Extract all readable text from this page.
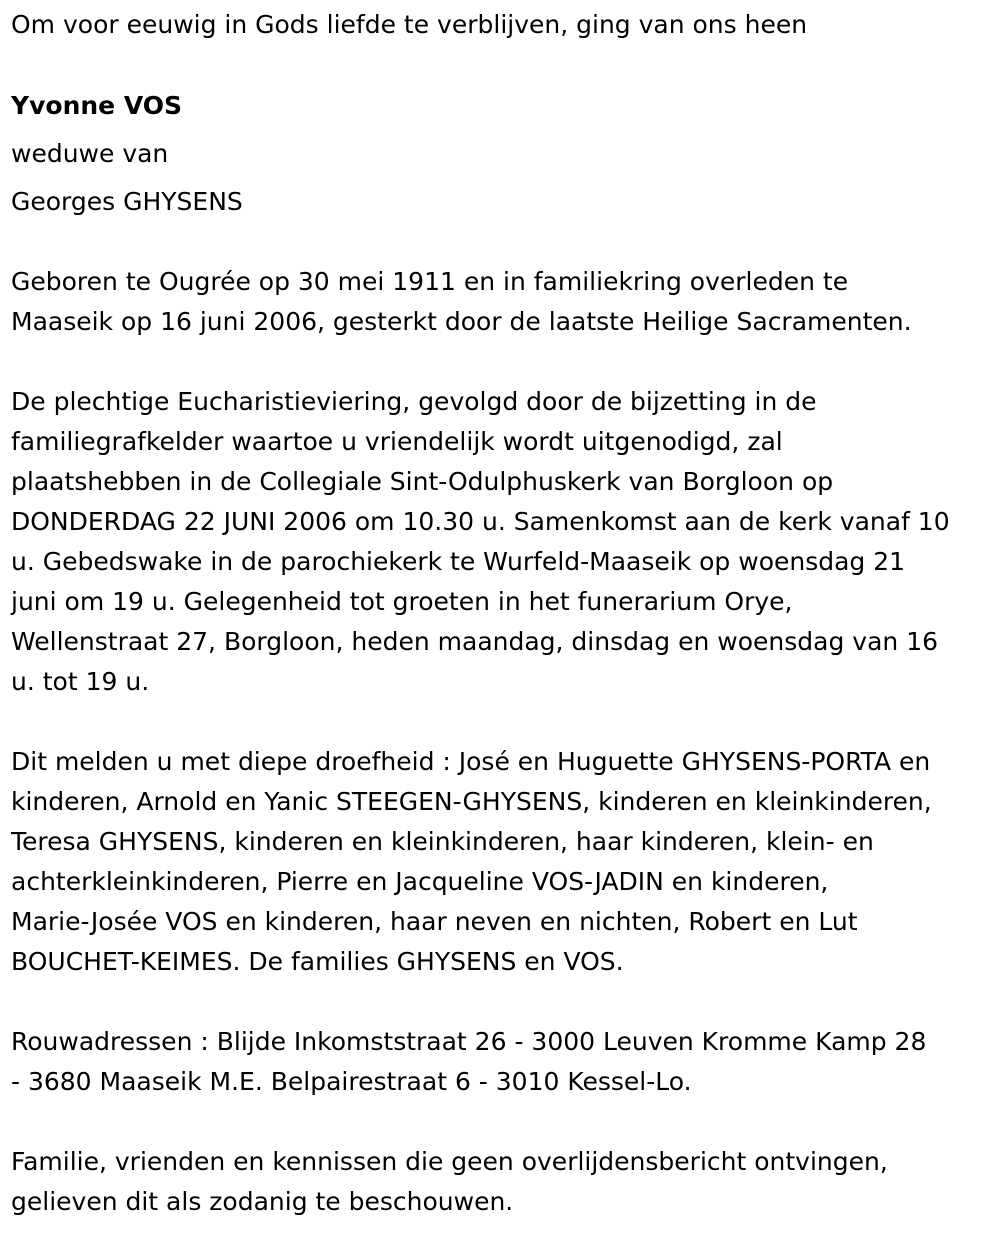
Om voor eeuwig in Gods liefde te verblijven, ging van ons heen
Yvonne VOS
weduwe van
Georges GHYSENS
Geboren te Ougrée op 30 mei 1911 en in familiekring overleden te
Maaseik op 16 juni 2006, gesterkt door de laatste Heilige Sacramenten.
De plechtige Eucharistieviering, gevolgd door de bijzetting in de
familiegrafkelder waartoe u vriendelijk wordt uitgenodigd, zal
plaatshebben in de Collegiale Sint-Odulphuskerk van Borgloon op
DONDERDAG 22 JUNI 2006 om 10.30 u. Samenkomst aan de kerk vanaf 10
u. Gebedswake in de parochiekerk te Wurfeld-Maaseik op woensdag 21
juni om 19 u. Gelegenheid tot groeten in het funerarium Orye,
Wellenstraat 27, Borgloon, heden maandag, dinsdag en woensdag van 16
u. tot 19 u.
Dit melden u met diepe droefheid : José en Huguette GHYSENS-PORTA en
kinderen, Arnold en Yanic STEEGEN-GHYSENS, kinderen en kleinkinderen,
Teresa GHYSENS, kinderen en kleinkinderen, haar kinderen, klein- en
achterkleinkinderen, Pierre en Jacqueline VOS-JADIN en kinderen,
Marie-Josée VOS en kinderen, haar neven en nichten, Robert en Lut
BOUCHET-KEIMES. De families GHYSENS en VOS.
Rouwadressen : Blijde Inkomststraat 26 - 3000 Leuven Kromme Kamp 28
- 3680 Maaseik M.E. Belpairestraat 6 - 3010 Kessel-Lo.
Familie, vrienden en kennissen die geen overlijdensbericht ontvingen,
gelieven dit als zodanig te beschouwen.
